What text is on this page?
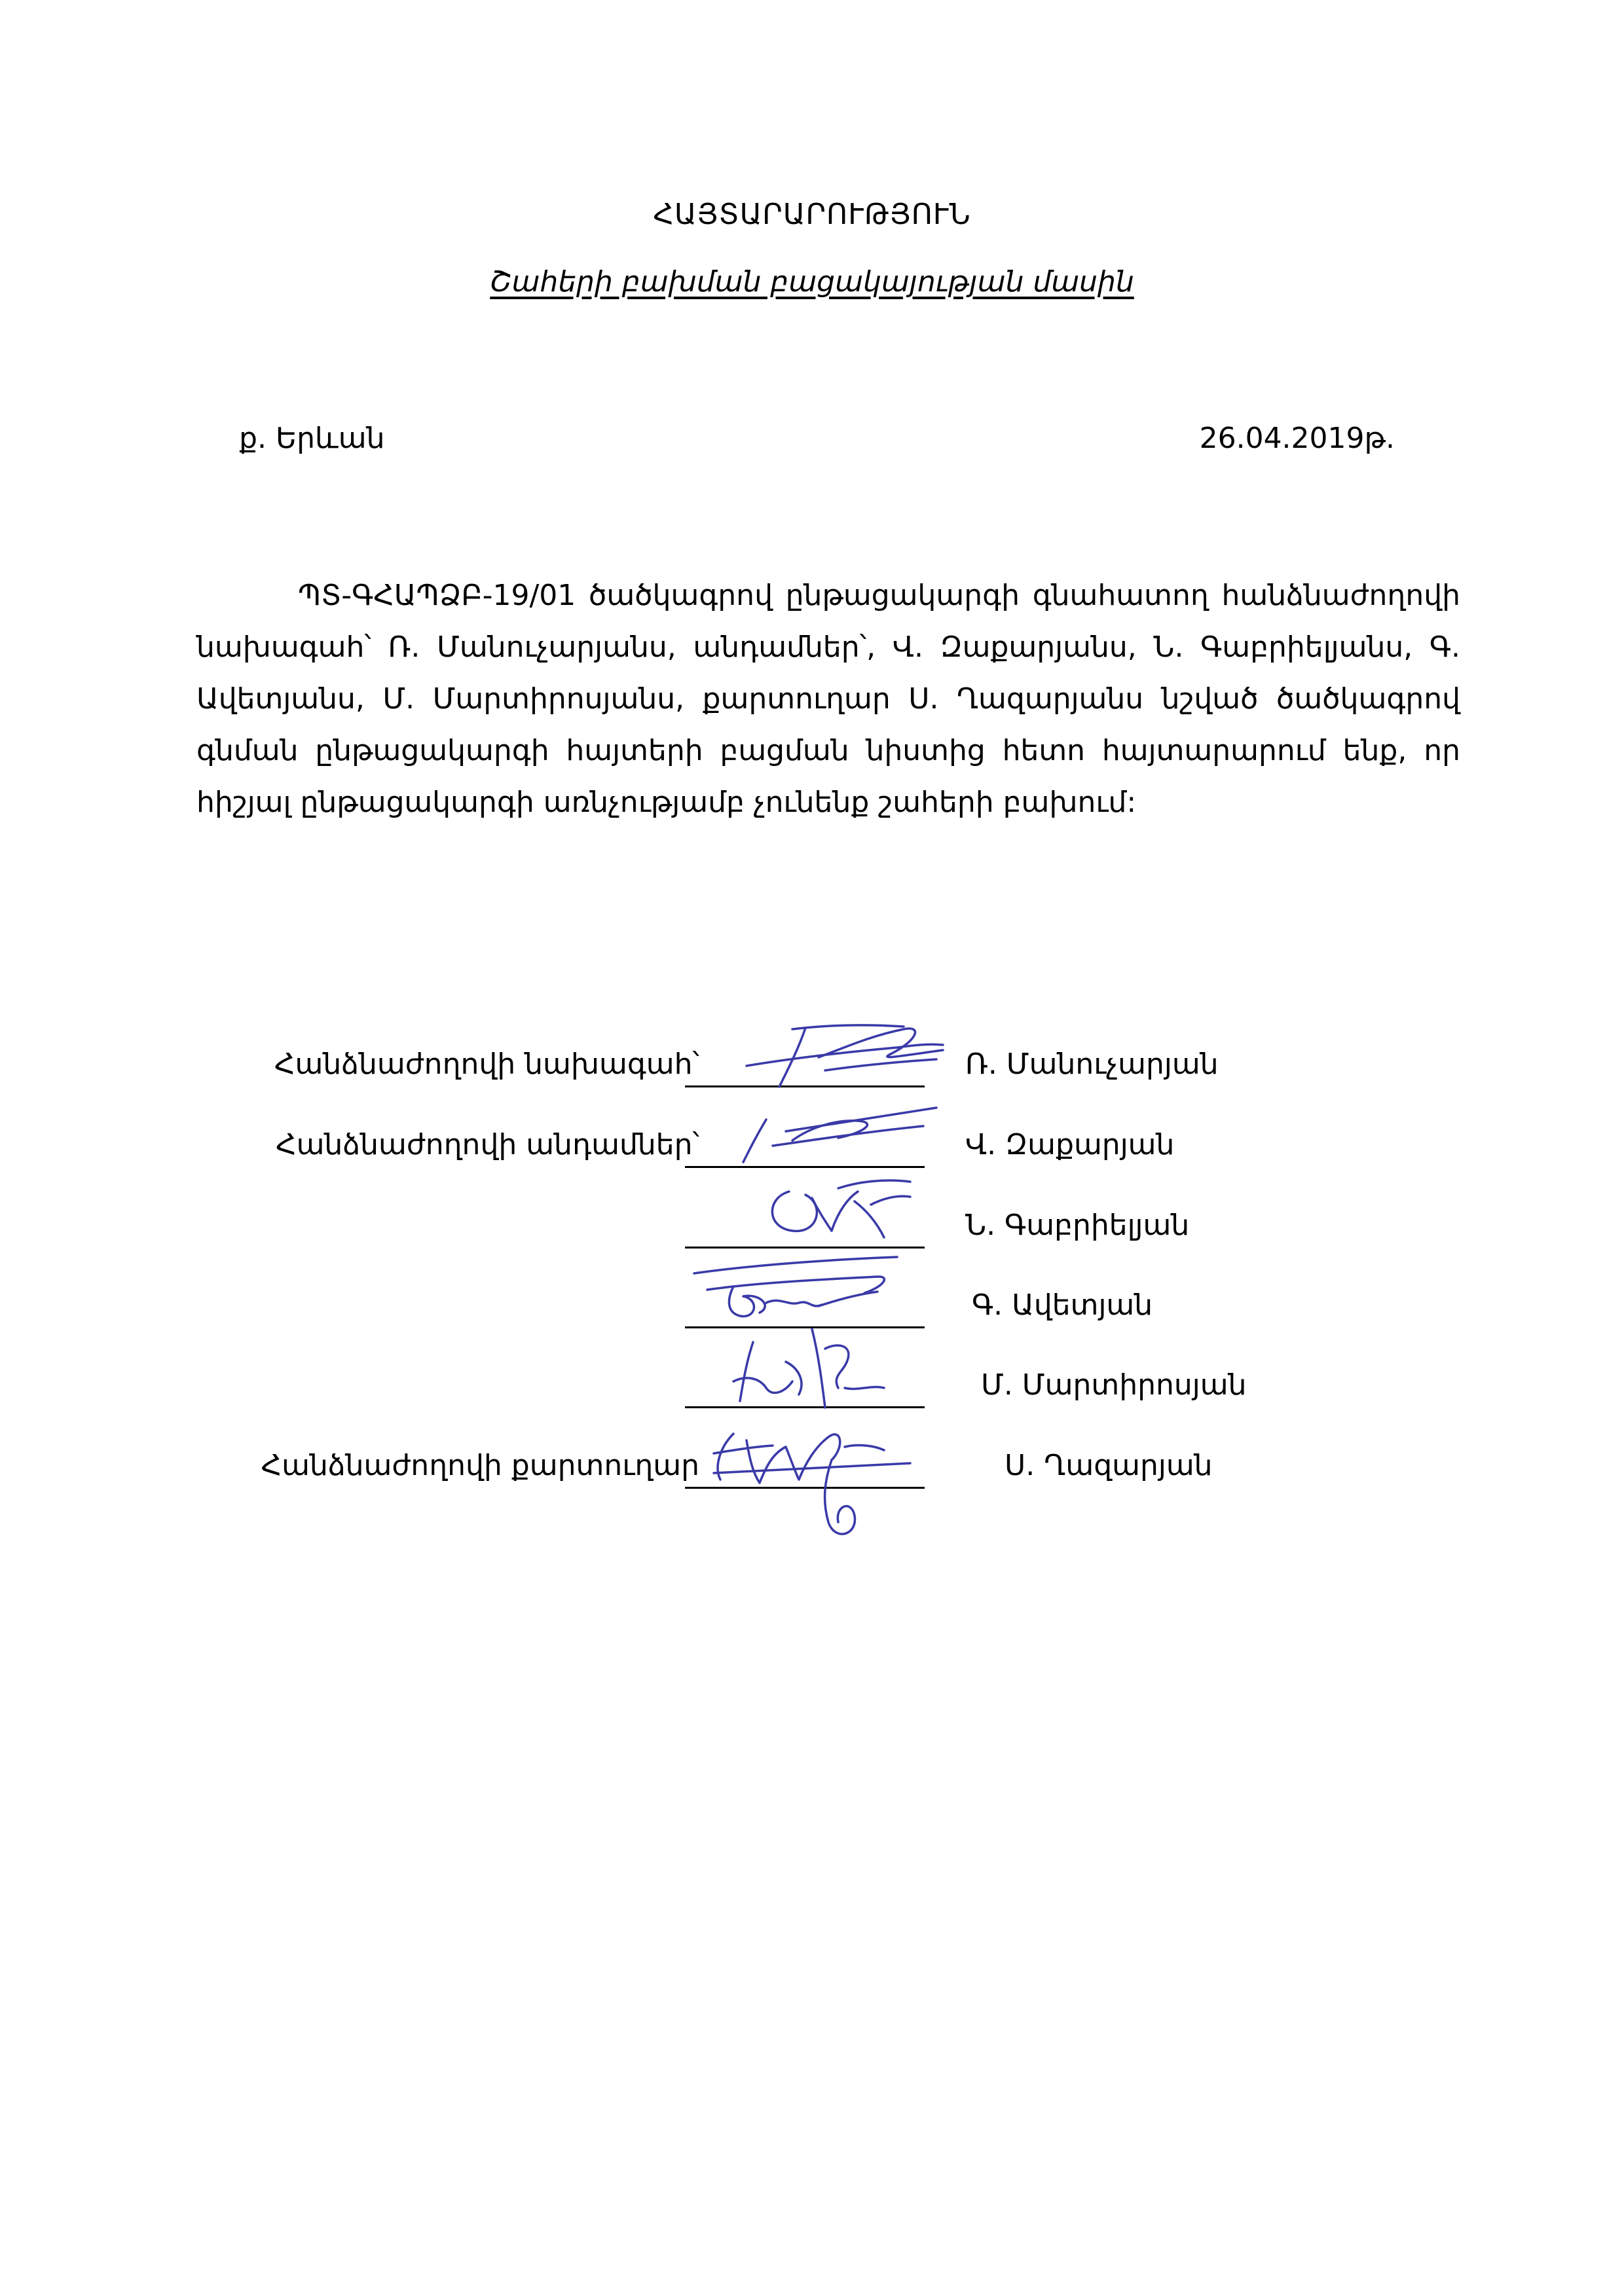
ՀԱՅՏԱՐԱՐՈՒԹՅՈՒՆ
Շահերի բախման բացակայության մասին
ք. Երևան	26.04.2019թ.

ՊՏ-ԳՀԱՊՁԲ-19/01 ծածկագրով ընթացակարգի գնահատող հանձնաժողովի նախագահ՝ Ռ. Մանուչարյանս, անդամներ՝, Վ. Զաքարյանս, Ն. Գաբրիելյանս, Գ. Ավետյանս, Մ. Մարտիրոսյանս, քարտուղար Ս. Ղազարյանս նշված ծածկագրով գնման ընթացակարգի հայտերի բացման նիստից հետո հայտարարում ենք, որ հիշյալ ընթացակարգի առնչությամբ չունենք շահերի բախում:

Հանձնաժողովի նախագահ՝	Ռ. Մանուչարյան
Հանձնաժողովի անդամներ՝	Վ. Զաքարյան
Ն. Գաբրիելյան
Գ. Ավետյան
Մ. Մարտիրոսյան
Հանձնաժողովի քարտուղար	Ս. Ղազարյան
